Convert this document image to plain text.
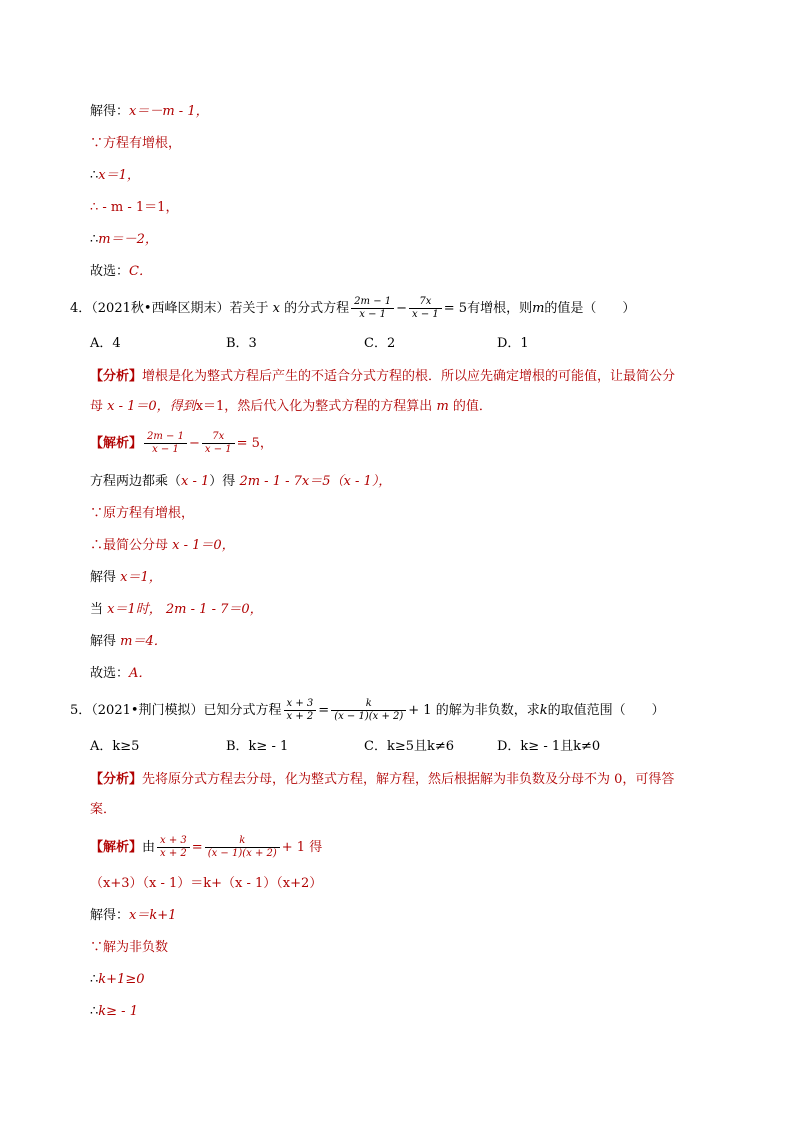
解得：x＝－m - 1，
∵方程有增根，
∴x＝1，
∴ - m - 1＝1，
∴m＝－2，
故选：C．
4．（2021秋•西峰区期末）若关于 x 的分式方程 $\frac{2m - 1}{x - 1} - \frac{7x}{x - 1} = 5$有增根，则m的值是（　　）
A．4	B．3	C．2	D．1
【分析】增根是化为整式方程后产生的不适合分式方程的根．所以应先确定增根的可能值，让最简公分
母 x - 1＝0，得到x＝1，然后代入化为整式方程的方程算出 m 的值．
【解析】 $\frac{2m - 1}{x - 1} - \frac{7x}{x - 1} = 5$，
方程两边都乘（x - 1）得 2m - 1 - 7x＝5（x - 1），
∵原方程有增根，
∴最简公分母 x - 1＝0，
解得 x＝1，
当 x＝1时， 2m - 1 - 7＝0，
解得 m＝4．
故选：A．
5．（2021•荆门模拟）已知分式方程 $\frac{x + 3}{x + 2} = \frac{k}{(x - 1)(x + 2)} + 1$ 的解为非负数，求k的取值范围（　　）
A．k≥5	B．k≥ - 1	C．k≥5且k≠6	D．k≥ - 1且k≠0
【分析】先将原分式方程去分母，化为整式方程，解方程，然后根据解为非负数及分母不为 0，可得答
案．
【解析】由 $\frac{x + 3}{x + 2} = \frac{k}{(x - 1)(x + 2)} + 1$ 得
（x+3）（x - 1）＝k+（x - 1）（x+2）
解得：x＝k+1
∵解为非负数
∴k+1≥0
∴k≥ - 1
